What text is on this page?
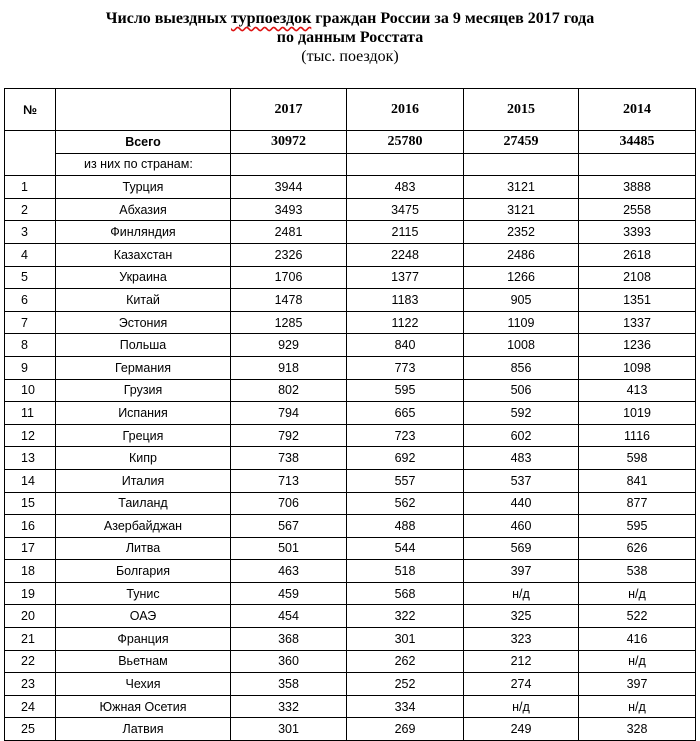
Число выездных турпоездок граждан России за 9 месяцев 2017 года
по данным Росстата
(тыс. поездок)
№		2017	2016	2015	2014
	Всего	30972	25780	27459	34485
	из них по странам:				
1	Турция	3944	483	3121	3888
2	Абхазия	3493	3475	3121	2558
3	Финляндия	2481	2115	2352	3393
4	Казахстан	2326	2248	2486	2618
5	Украина	1706	1377	1266	2108
6	Китай	1478	1183	905	1351
7	Эстония	1285	1122	1109	1337
8	Польша	929	840	1008	1236
9	Германия	918	773	856	1098
10	Грузия	802	595	506	413
11	Испания	794	665	592	1019
12	Греция	792	723	602	1116
13	Кипр	738	692	483	598
14	Италия	713	557	537	841
15	Таиланд	706	562	440	877
16	Азербайджан	567	488	460	595
17	Литва	501	544	569	626
18	Болгария	463	518	397	538
19	Тунис	459	568	н/д	н/д
20	ОАЭ	454	322	325	522
21	Франция	368	301	323	416
22	Вьетнам	360	262	212	н/д
23	Чехия	358	252	274	397
24	Южная Осетия	332	334	н/д	н/д
25	Латвия	301	269	249	328
